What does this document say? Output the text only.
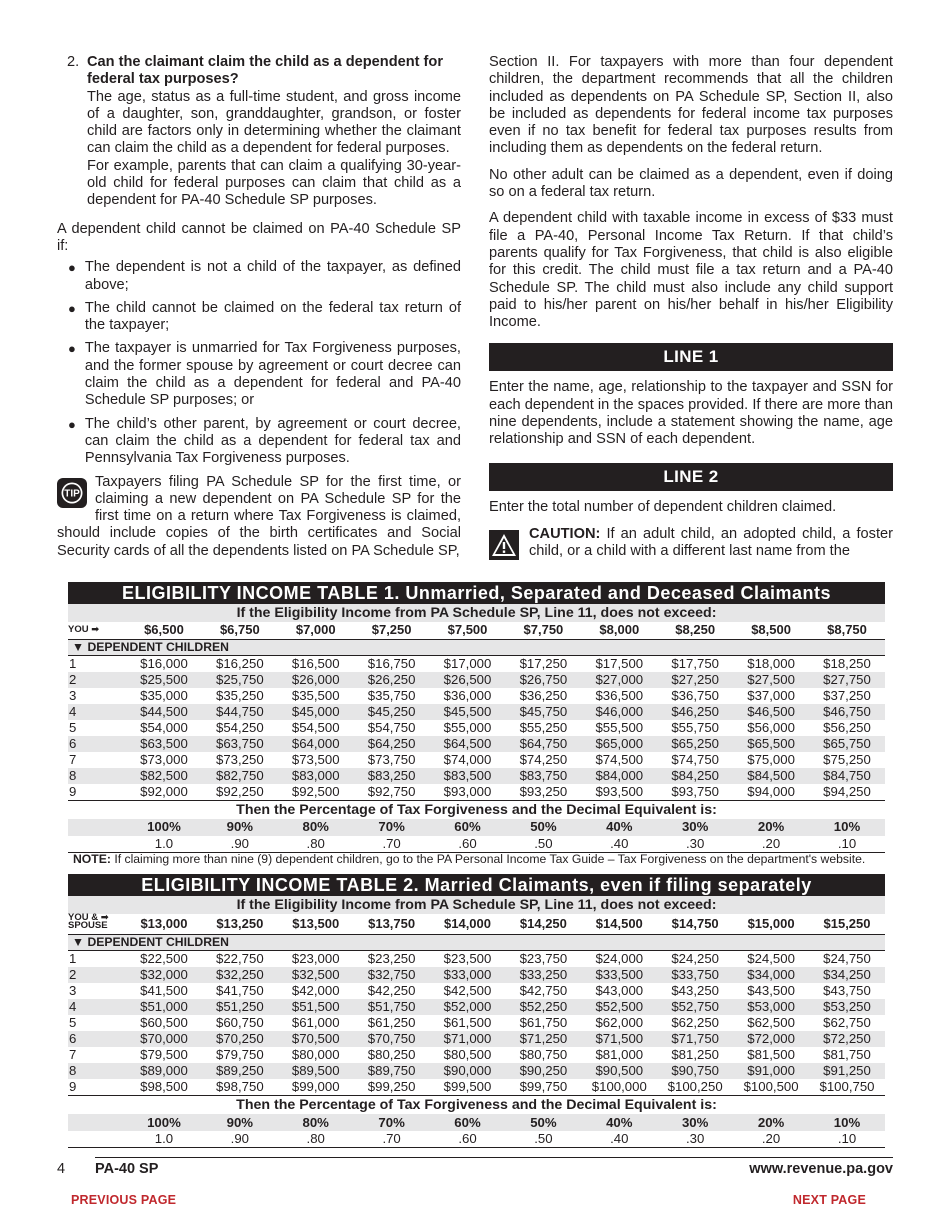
2. Can the claimant claim the child as a dependent for federal tax purposes?

The age, status as a full-time student, and gross income of a daughter, son, granddaughter, grandson, or foster child are factors only in determining whether the claimant can claim the child as a dependent for federal purposes.

For example, parents that can claim a qualifying 30-year-old child for federal purposes can claim that child as a dependent for PA-40 Schedule SP purposes.

A dependent child cannot be claimed on PA-40 Schedule SP if:

● The dependent is not a child of the taxpayer, as defined above;
● The child cannot be claimed on the federal tax return of the taxpayer;
● The taxpayer is unmarried for Tax Forgiveness purposes, and the former spouse by agreement or court decree can claim the child as a dependent for federal and PA-40 Schedule SP purposes; or
● The child’s other parent, by agreement or court decree, can claim the child as a dependent for federal tax and Pennsylvania Tax Forgiveness purposes.
TIP
Taxpayers filing PA Schedule SP for the first time, or claiming a new dependent on PA Schedule SP for the first time on a return where Tax Forgiveness is claimed, should include copies of the birth certificates and Social Security cards of all the dependents listed on PA Schedule SP,

Section II. For taxpayers with more than four dependent children, the department recommends that all the children included as dependents on PA Schedule SP, Section II, also be included as dependents for federal income tax purposes even if no tax benefit for federal tax purposes results from including them as dependents on the federal return.

No other adult can be claimed as a dependent, even if doing so on a federal tax return.

A dependent child with taxable income in excess of $33 must file a PA-40, Personal Income Tax Return. If that child’s parents qualify for Tax Forgiveness, that child is also eligible for this credit. The child must file a tax return and a PA-40 Schedule SP. The child must also include any child support paid to his/her parent on his/her behalf in his/her Eligibility Income.

LINE 1

Enter the name, age, relationship to the taxpayer and SSN for each dependent in the spaces provided. If there are more than nine dependents, include a statement showing the name, age relationship and SSN of each dependent.

LINE 2

Enter the total number of dependent children claimed.

CAUTION: If an adult child, an adopted child, a foster child, or a child with a different last name from the
ELIGIBILITY INCOME TABLE 1. Unmarried, Separated and Deceased Claimants
If the Eligibility Income from PA Schedule SP, Line 11, does not exceed:
YOU ➡	$6,500	$6,750	$7,000	$7,250	$7,500	$7,750	$8,000	$8,250	$8,500	$8,750
▼ DEPENDENT CHILDREN										
1	$16,000	$16,250	$16,500	$16,750	$17,000	$17,250	$17,500	$17,750	$18,000	$18,250
2	$25,500	$25,750	$26,000	$26,250	$26,500	$26,750	$27,000	$27,250	$27,500	$27,750
3	$35,000	$35,250	$35,500	$35,750	$36,000	$36,250	$36,500	$36,750	$37,000	$37,250
4	$44,500	$44,750	$45,000	$45,250	$45,500	$45,750	$46,000	$46,250	$46,500	$46,750
5	$54,000	$54,250	$54,500	$54,750	$55,000	$55,250	$55,500	$55,750	$56,000	$56,250
6	$63,500	$63,750	$64,000	$64,250	$64,500	$64,750	$65,000	$65,250	$65,500	$65,750
7	$73,000	$73,250	$73,500	$73,750	$74,000	$74,250	$74,500	$74,750	$75,000	$75,250
8	$82,500	$82,750	$83,000	$83,250	$83,500	$83,750	$84,000	$84,250	$84,500	$84,750
9	$92,000	$92,250	$92,500	$92,750	$93,000	$93,250	$93,500	$93,750	$94,000	$94,250
Then the Percentage of Tax Forgiveness and the Decimal Equivalent is:										
	100%	90%	80%	70%	60%	50%	40%	30%	20%	10%
	1.0	.90	.80	.70	.60	.50	.40	.30	.20	.10
NOTE: If claiming more than nine (9) dependent children, go to the PA Personal Income Tax Guide – Tax Forgiveness on the department's website.
ELIGIBILITY INCOME TABLE 2. Married Claimants, even if filing separately
If the Eligibility Income from PA Schedule SP, Line 11, does not exceed:
YOU & ➡
SPOUSE	$13,000	$13,250	$13,500	$13,750	$14,000	$14,250	$14,500	$14,750	$15,000	$15,250
▼ DEPENDENT CHILDREN										
1	$22,500	$22,750	$23,000	$23,250	$23,500	$23,750	$24,000	$24,250	$24,500	$24,750
2	$32,000	$32,250	$32,500	$32,750	$33,000	$33,250	$33,500	$33,750	$34,000	$34,250
3	$41,500	$41,750	$42,000	$42,250	$42,500	$42,750	$43,000	$43,250	$43,500	$43,750
4	$51,000	$51,250	$51,500	$51,750	$52,000	$52,250	$52,500	$52,750	$53,000	$53,250
5	$60,500	$60,750	$61,000	$61,250	$61,500	$61,750	$62,000	$62,250	$62,500	$62,750
6	$70,000	$70,250	$70,500	$70,750	$71,000	$71,250	$71,500	$71,750	$72,000	$72,250
7	$79,500	$79,750	$80,000	$80,250	$80,500	$80,750	$81,000	$81,250	$81,500	$81,750
8	$89,000	$89,250	$89,500	$89,750	$90,000	$90,250	$90,500	$90,750	$91,000	$91,250
9	$98,500	$98,750	$99,000	$99,250	$99,500	$99,750	$100,000	$100,250	$100,500	$100,750
Then the Percentage of Tax Forgiveness and the Decimal Equivalent is:										
	100%	90%	80%	70%	60%	50%	40%	30%	20%	10%
	1.0	.90	.80	.70	.60	.50	.40	.30	.20	.10
4 PA-40 SP	www.revenue.pa.gov
PREVIOUS PAGE	NEXT PAGE
